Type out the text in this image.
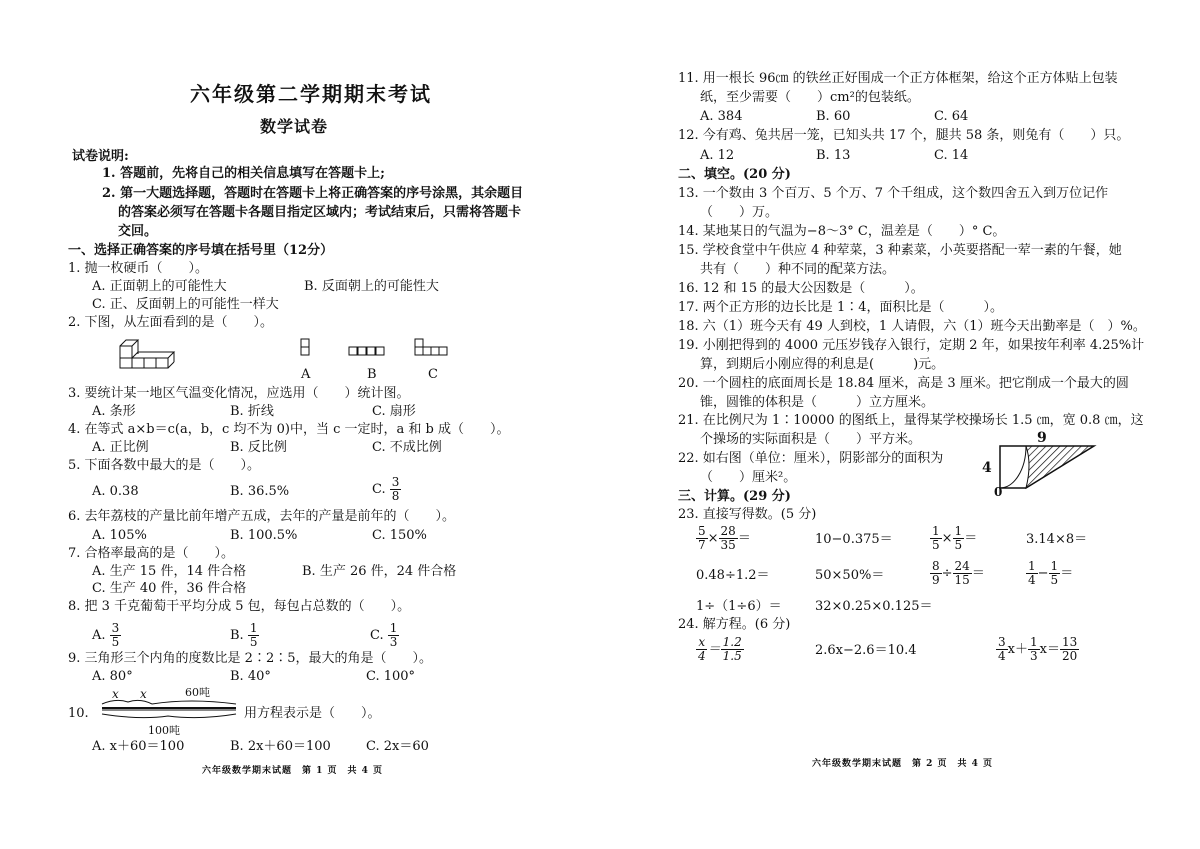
六年级第二学期期末考试
数学试卷
试卷说明:
1. 答题前，先将自己的相关信息填写在答题卡上;
2. 第一大题选择题，答题时在答题卡上将正确答案的序号涂黑，其余题目
的答案必须写在答题卡各题目指定区域内；考试结束后，只需将答题卡
交回。
一、选择正确答案的序号填在括号里（12分）
1. 抛一枚硬币（　　）。
A. 正面朝上的可能性大	B. 反面朝上的可能性大
C. 正、反面朝上的可能性一样大
2. 下图，从左面看到的是（　　）。
A	B	C
3. 要统计某一地区气温变化情况，应选用（　　）统计图。
A. 条形	B. 折线	C. 扇形
4. 在等式 a×b＝c(a，b，c 均不为 0)中，当 c 一定时，a 和 b 成（　　）。
A. 正比例	B. 反比例	C. 不成比例
5. 下面各数中最大的是（　　）。
A. 0.38	B. 36.5%	C. $\frac{3}{8}$
6. 去年荔枝的产量比前年增产五成，去年的产量是前年的（　　）。
A. 105%	B. 100.5%	C. 150%
7. 合格率最高的是（　　）。
A. 生产 15 件，14 件合格	B. 生产 26 件，24 件合格
C. 生产 40 件，36 件合格
8. 把 3 千克葡萄干平均分成 5 包，每包占总数的（　　）。
A. $\frac{3}{5}$	B. $\frac{1}{5}$	C. $\frac{1}{3}$
9. 三角形三个内角的度数比是 2∶2∶5，最大的角是（　　）。
A. 80°	B. 40°	C. 100°
10.
x x	60吨
100吨
用方程表示是（　　）。
A. x＋60＝100	B. 2x＋60＝100	C. 2x＝60
六年级数学期末试题　第 1 页　共 4 页
11. 用一根长 96㎝ 的铁丝正好围成一个正方体框架，给这个正方体贴上包装
纸，至少需要（　　）cm²的包装纸。
A. 384	B. 60	C. 64
12. 今有鸡、兔共居一笼，已知头共 17 个，腿共 58 条，则兔有（　　）只。
A. 12	B. 13	C. 14
二、填空。(20 分)
13. 一个数由 3 个百万、5 个万、7 个千组成，这个数四舍五入到万位记作
（　　）万。
14. 某地某日的气温为−8～3° C，温差是（　　）° C。
15. 学校食堂中午供应 4 种荤菜，3 种素菜，小英要搭配一荤一素的午餐，她
共有（　　）种不同的配菜方法。
16. 12 和 15 的最大公因数是（　　　）。
17. 两个正方形的边长比是 1∶4，面积比是（　　　）。
18. 六（1）班今天有 49 人到校，1 人请假，六（1）班今天出勤率是（　）%。
19. 小刚把得到的 4000 元压岁钱存入银行，定期 2 年，如果按年利率 4.25%计
算，到期后小刚应得的利息是(　　　)元。
20. 一个圆柱的底面周长是 18.84 厘米，高是 3 厘米。把它削成一个最大的圆
锥，圆锥的体积是（　　　）立方厘米。
21. 在比例尺为 1∶10000 的图纸上，量得某学校操场长 1.5 ㎝，宽 0.8 ㎝，这
个操场的实际面积是（　　）平方米。
22. 如右图（单位：厘米），阴影部分的面积为
（　　）厘米²。
9
4
0
三、计算。(29 分)
23. 直接写得数。(5 分)
$\frac{5}{7} \times \frac{28}{35}$ ＝	10−0.375＝	$\frac{1}{5} \times \frac{1}{5}$ ＝	3.14×8＝
0.48÷1.2＝	50×50%＝	$\frac{8}{9} \div \frac{24}{15}$ ＝	$\frac{1}{4} - \frac{1}{5}$ ＝
1÷（1÷6）＝	32×0.25×0.125＝
24. 解方程。(6 分)
$\frac{x}{4} = \frac{1.2}{1.5}$	2.6x−2.6＝10.4	$\frac{3}{4} x+ \frac{1}{3} x= \frac{13}{20}$
六年级数学期末试题　第 2 页　共 4 页
